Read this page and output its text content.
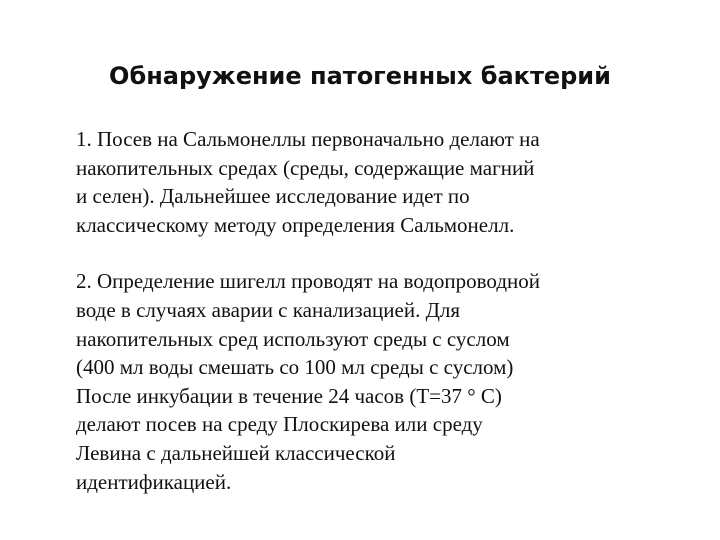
Обнаружение патогенных бактерий

1. Посев на Сальмонеллы первоначально делают на
накопительных средах (среды, содержащие магний
и селен). Дальнейшее исследование идет по
классическому методу определения Сальмонелл.

2. Определение шигелл проводят на водопроводной
воде в случаях аварии с канализацией. Для
накопительных сред используют среды с суслом
(400 мл воды смешать со 100 мл среды с суслом)
После инкубации в течение 24 часов (Т=37 ° С)
делают посев на среду Плоскирева или среду
Левина с дальнейшей классической
идентификацией.
